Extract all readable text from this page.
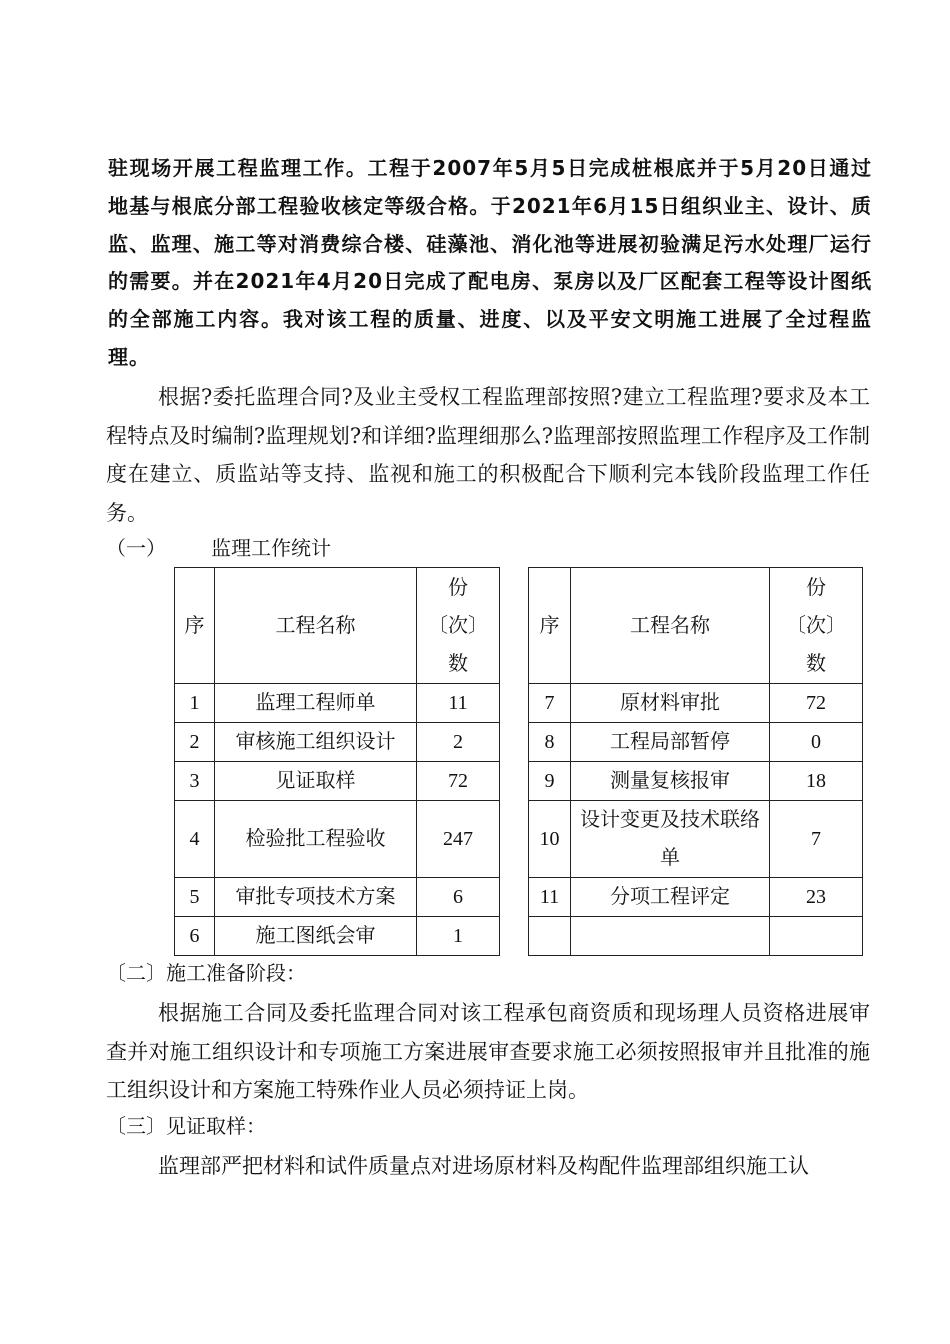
驻现场开展工程监理工作。工程于2007年5月5日完成桩根底并于5月20日通过地基与根底分部工程验收核定等级合格。于2021年6月15日组织业主、设计、质监、监理、施工等对消费综合楼、硅藻池、消化池等进展初验满足污水处理厂运行的需要。并在2021年4月20日完成了配电房、泵房以及厂区配套工程等设计图纸的全部施工内容。我对该工程的质量、进度、以及平安文明施工进展了全过程监理。
根据?委托监理合同?及业主受权工程监理部按照?建立工程监理?要求及本工程特点及时编制?监理规划?和详细?监理细那么?监理部按照监理工作程序及工作制度在建立、质监站等支持、监视和施工的积极配合下顺利完本钱阶段监理工作任务。
（一） 监理工作统计
序	工程名称	份
〔次〕
数		序	工程名称	份
〔次〕
数
1	监理工程师单	11		7	原材料审批	72
2	审核施工组织设计	2		8	工程局部暂停	0
3	见证取样	72		9	测量复核报审	18
4	检验批工程验收	247		10	设计变更及技术联络单	7
5	审批专项技术方案	6		11	分项工程评定	23
6	施工图纸会审	1				
〔二〕施工准备阶段：
根据施工合同及委托监理合同对该工程承包商资质和现场理人员资格进展审查并对施工组织设计和专项施工方案进展审查要求施工必须按照报审并且批准的施工组织设计和方案施工特殊作业人员必须持证上岗。
〔三〕见证取样：
监理部严把材料和试件质量点对进场原材料及构配件监理部组织施工认
